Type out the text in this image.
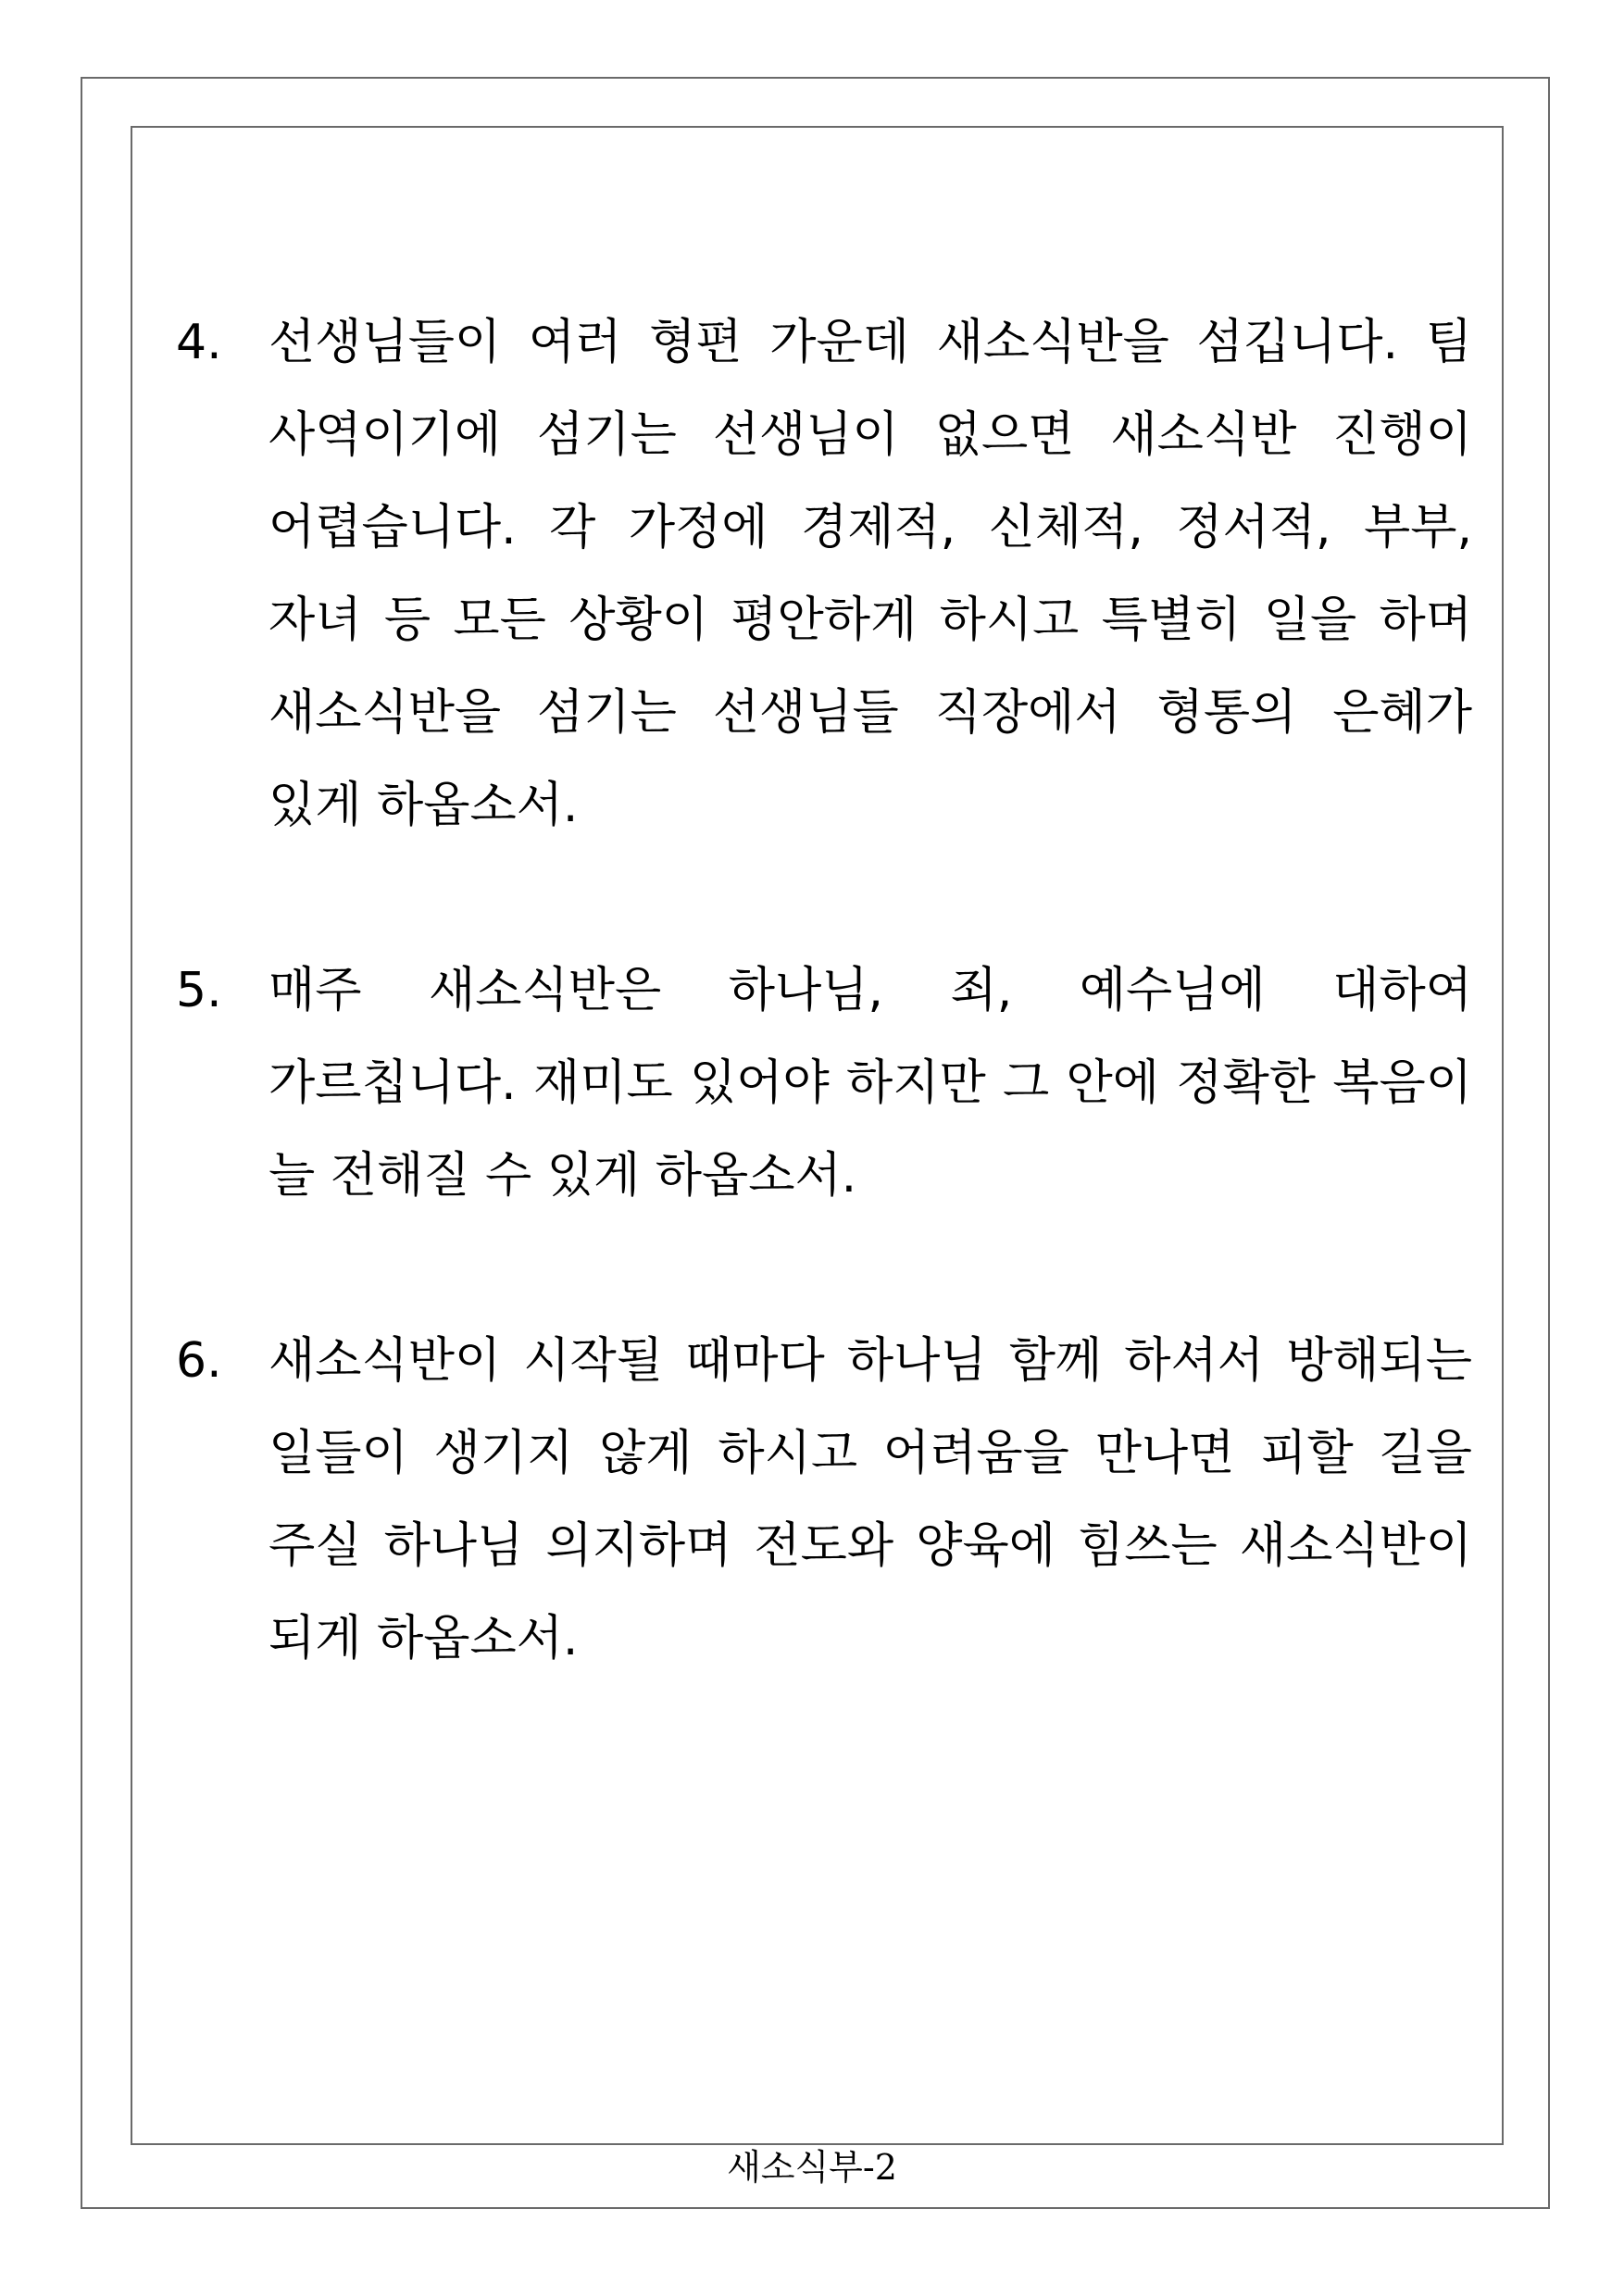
4. 선생님들이 여러 형편 가운데 새소식반을 섬깁니다. 팀 사역이기에 섬기는 선생님이 없으면 새소식반 진행이 어렵습니다. 각 가정에 경제적, 신체적, 정서적, 부부, 자녀 등 모든 상황이 평안하게 하시고 특별히 일을 하며 새소식반을 섬기는 선생님들 직장에서 형통의 은혜가 있게 하옵소서.

5. 매주 새소식반은 하나님, 죄, 예수님에 대하여 가르칩니다. 재미도 있어야 하지만 그 안에 정확한 복음이 늘 전해질 수 있게 하옵소서.

6. 새소식반이 시작될 때마다 하나님 함께 하셔서 방해되는 일들이 생기지 않게 하시고 어려움을 만나면 피할 길을 주실 하나님 의지하며 전도와 양육에 힘쓰는 새소식반이 되게 하옵소서.

새소식부-2
